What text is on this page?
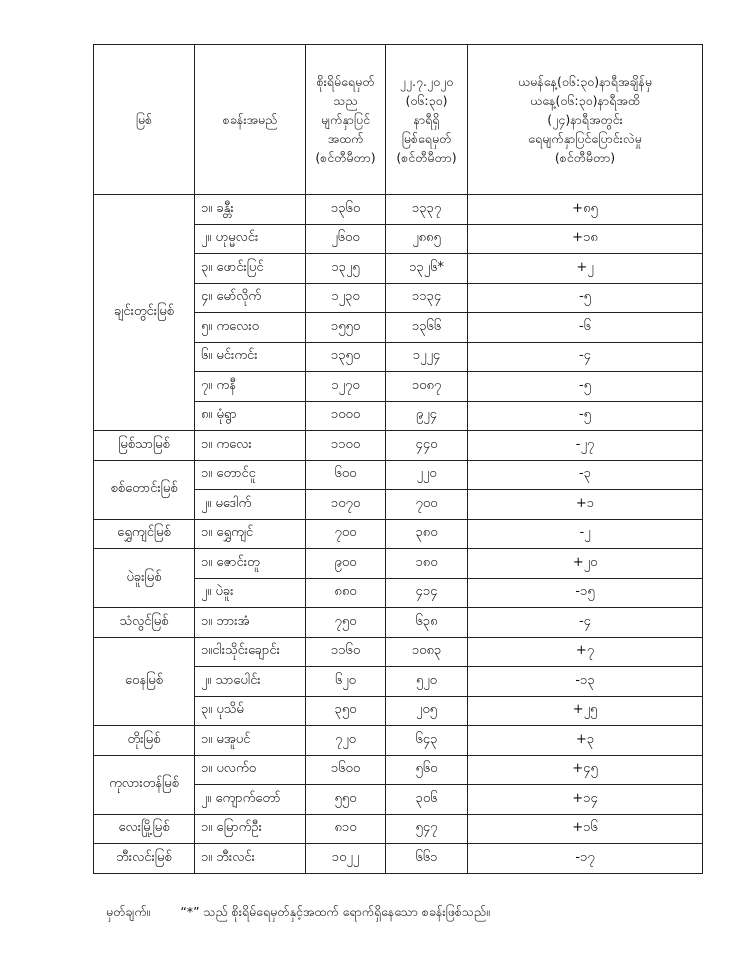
မြစ်	စခန်းအမည်	စိုးရိမ်ရေမှတ်
သည
မျက်နှာပြင်
အထက်
(စင်တီမီတာ)	၂၂.၇.၂၀၂၀
(၀၆:၃၀)
နာရီရှိ
မြစ်ရေမှတ်
(စင်တီမီတာ)	ယမန်နေ့(၀၆:၃၀)နာရီအချိန်မှ
ယနေ့(၀၆:၃၀)နာရီအထိ
(၂၄)နာရီအတွင်း
ရေမျက်နှာပြင်ပြောင်းလဲမှု
(စင်တီမီတာ)
ချင်းတွင်းမြစ်	၁။ ခန္တီး	၁၃၆၀	၁၃၃၇	+၈၅
	၂။ ဟုမ္မလင်း	၂၆၀၀	၂၈၈၅	+၁၈
	၃။ ဖောင်းပြင်	၁၃၂၅	၁၃၂၆*	+၂
	၄။ မော်လိုက်	၁၂၃၀	၁၁၃၄	-၅
	၅။ ကလေးဝ	၁၅၅၀	၁၃၆၆	-၆
	၆။ မင်းကင်း	၁၃၅၀	၁၂၂၄	-၄
	၇။ ကနီ	၁၂၇၀	၁၀၈၇	-၅
	၈။ မုံရွာ	၁၀၀၀	၉၂၄	-၅
မြစ်သာမြစ်	၁။ ကလေး	၁၁၀၀	၄၄၀	-၂၇
စစ်တောင်းမြစ်	၁။ တောင်ငူ	၆၀၀	၂၂၀	-၃
	၂။ မဒေါက်	၁၀၇၀	၇၀၀	+၁
ရွှေကျင်မြစ်	၁။ ရွှေကျင်	၇၀၀	၃၈၀	-၂
ပဲခူးမြစ်	၁။ ဇောင်းတူ	၉၀၀	၁၈၀	+၂၀
	၂။ ပဲခူး	၈၈၀	၄၁၄	-၁၅
သံလွင်မြစ်	၁။ ဘားအံ	၇၅၀	၆၃၈	-၄
ဝေနမြစ်	၁။ငါးသိုင်းချောင်း	၁၁၆၀	၁၀၈၃	+၇
	၂။ သာပေါင်း	၆၂၀	၅၂၀	-၁၃
	၃။ ပုသိမ်	၃၅၀	၂၀၅	+၂၅
တိုးမြစ်	၁။ မအူပင်	၇၂၀	၆၄၃	+၃
ကုလားတန်မြစ်	၁။ ပလက်ဝ	၁၆၀၀	၅၆၀	+၄၅
	၂။ ကျောက်တော်	၅၅၀	၃၀၆	+၁၄
လေးမြို့မြစ်	၁။ မြောက်ဦး	၈၁၀	၅၄၇	+၁၆
ဘီးလင်းမြစ်	၁။ ဘီးလင်း	၁၀၂၂	၆၆၁	-၁၇
မှတ်ချက်။ “*” သည် စိုးရိမ်ရေမှတ်နှင့်အထက် ရောက်ရှိနေသော စခန်းဖြစ်သည်။
